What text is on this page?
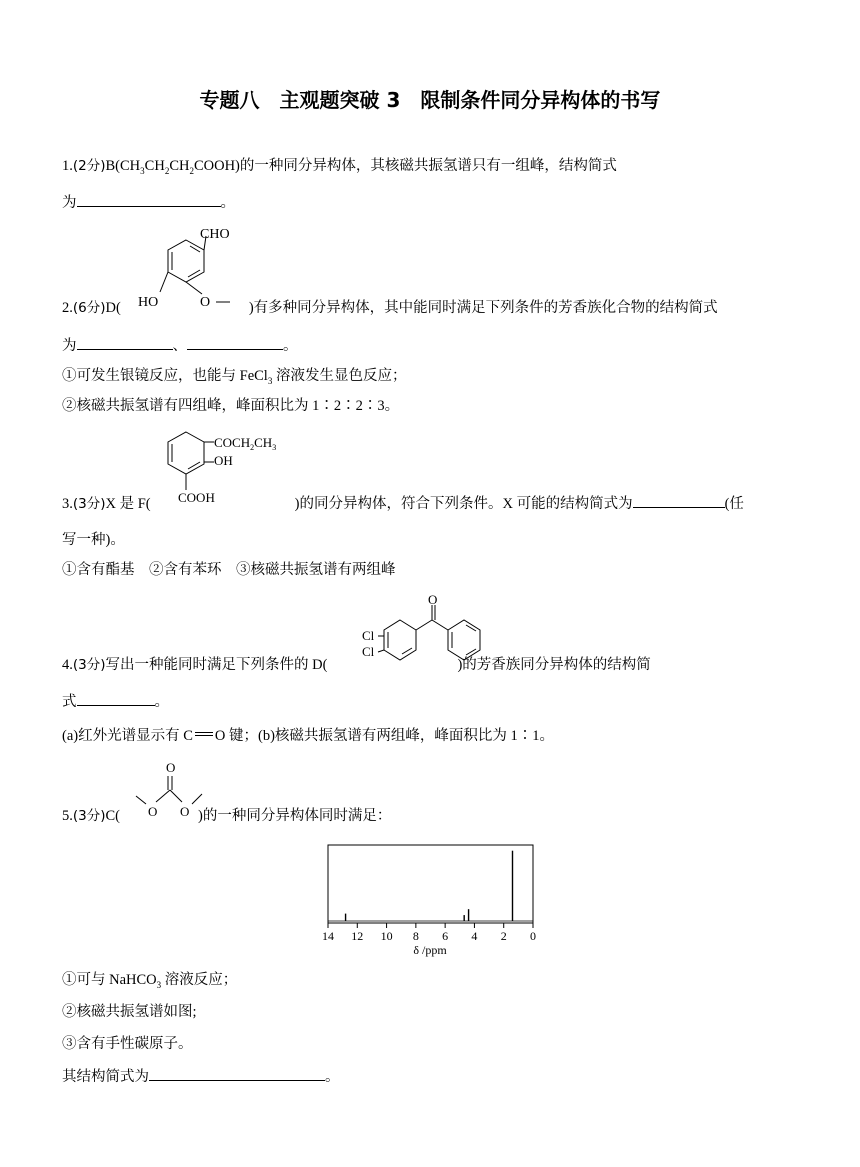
专题八　主观题突破 3　限制条件同分异构体的书写
1.(2分)$B(CH_3CH_2CH_2COOH)$的一种同分异构体，其核磁共振氢谱只有一组峰，结构简式
为	。
CHO
HO	O
2.(6分)D(	)有多种同分异构体，其中能同时满足下列条件的芳香族化合物的结构简式
为	、	。
①可发生银镜反应，也能与 FeCl$_3$ 溶液发生显色反应；
②核磁共振氢谱有四组峰，峰面积比为 1∶2∶2∶3。
$COCH_2CH_3$
OH
COOH
3.(3分)X 是 F(	)的同分异构体，符合下列条件。X 可能的结构简式为	(任
写一种)。
①含有酯基　②含有苯环　③核磁共振氢谱有两组峰
O
Cl
Cl
4.(3分)写出一种能同时满足下列条件的 D(	)的芳香族同分异构体的结构简
式	。
(a)红外光谱显示有 C O 键；(b)核磁共振氢谱有两组峰，峰面积比为 1∶1。
O
O O
5.(3分)C(	)的一种同分异构体同时满足：
14 12 10 8 6 4 2 0
δ /ppm
①可与 NaHCO$_3$ 溶液反应；
②核磁共振氢谱如图;
③含有手性碳原子。
其结构简式为	。
